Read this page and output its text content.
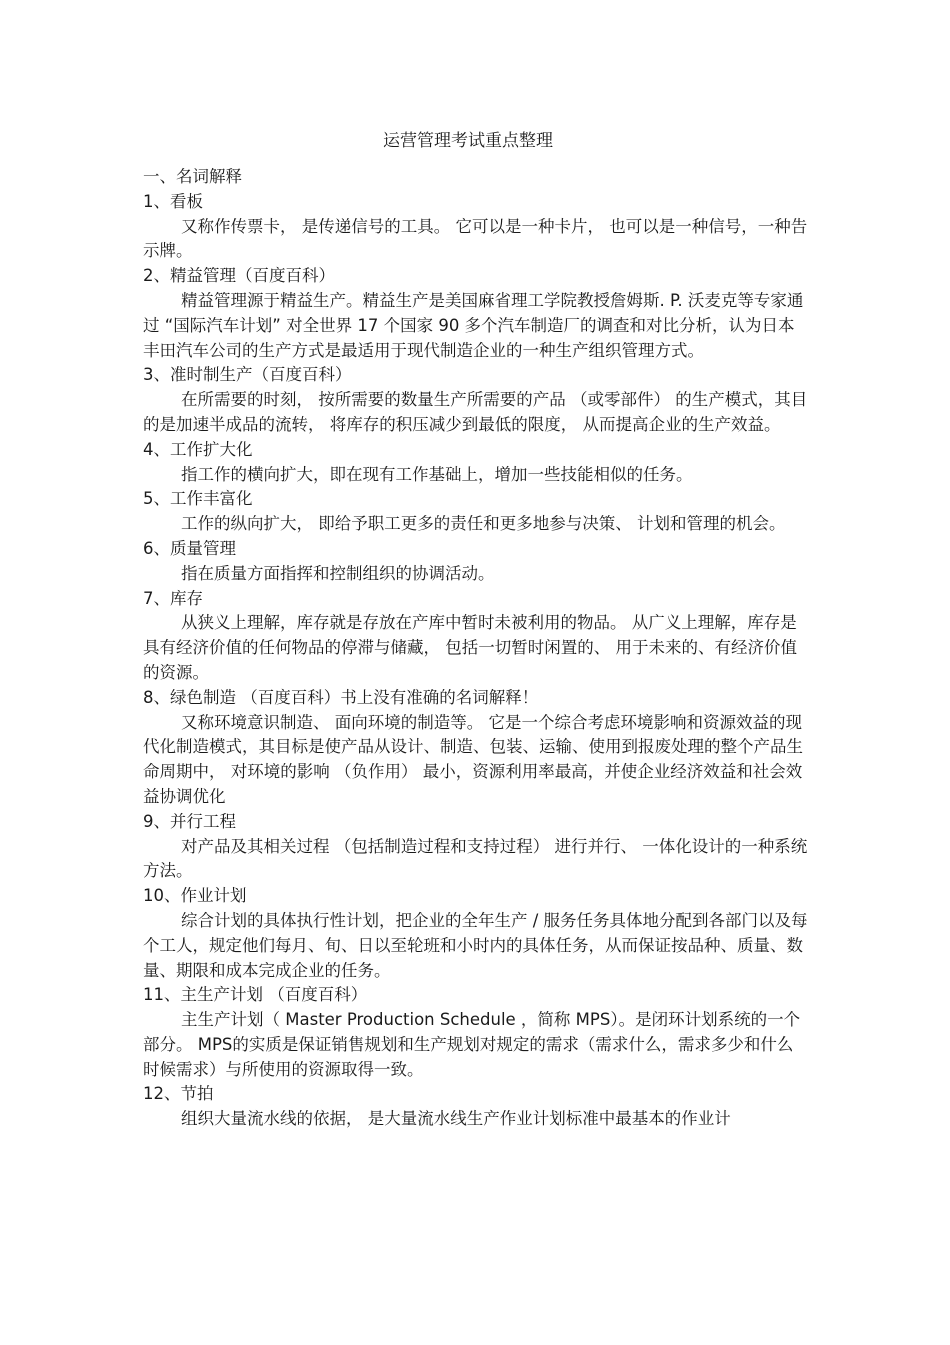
运营管理考试重点整理

一、名词解释

1、看板

又称作传票卡， 是传递信号的工具。 它可以是一种卡片， 也可以是一种信号，一种告示牌。

2、精益管理（百度百科）

精益管理源于精益生产。精益生产是美国麻省理工学院教授詹姆斯. P. 沃麦克等专家通过 “国际汽车计划” 对全世界 17 个国家 90 多个汽车制造厂的调查和对比分析，认为日本丰田汽车公司的生产方式是最适用于现代制造企业的一种生产组织管理方式。

3、准时制生产（百度百科）

在所需要的时刻， 按所需要的数量生产所需要的产品 （或零部件） 的生产模式，其目的是加速半成品的流转， 将库存的积压减少到最低的限度， 从而提高企业的生产效益。

4、工作扩大化

指工作的横向扩大，即在现有工作基础上，增加一些技能相似的任务。

5、工作丰富化

工作的纵向扩大， 即给予职工更多的责任和更多地参与决策、 计划和管理的机会。

6、质量管理

指在质量方面指挥和控制组织的协调活动。

7、库存

从狭义上理解，库存就是存放在产库中暂时未被利用的物品。 从广义上理解，库存是具有经济价值的任何物品的停滞与储藏， 包括一切暂时闲置的、 用于未来的、有经济价值的资源。

8、绿色制造 （百度百科）书上没有准确的名词解释！

又称环境意识制造、 面向环境的制造等。 它是一个综合考虑环境影响和资源效益的现代化制造模式，其目标是使产品从设计、制造、包装、运输、使用到报废处理的整个产品生命周期中， 对环境的影响 （负作用） 最小，资源利用率最高，并使企业经济效益和社会效益协调优化

9、并行工程

对产品及其相关过程 （包括制造过程和支持过程） 进行并行、 一体化设计的一种系统方法。

10、作业计划

综合计划的具体执行性计划，把企业的全年生产 / 服务任务具体地分配到各部门以及每个工人，规定他们每月、旬、日以至轮班和小时内的具体任务，从而保证按品种、质量、数量、期限和成本完成企业的任务。

11、主生产计划 （百度百科）

主生产计划（ Master Production Schedule ，简称 MPS）。是闭环计划系统的一个部分。 MPS的实质是保证销售规划和生产规划对规定的需求（需求什么，需求多少和什么时候需求）与所使用的资源取得一致。

12、节拍

组织大量流水线的依据， 是大量流水线生产作业计划标准中最基本的作业计
